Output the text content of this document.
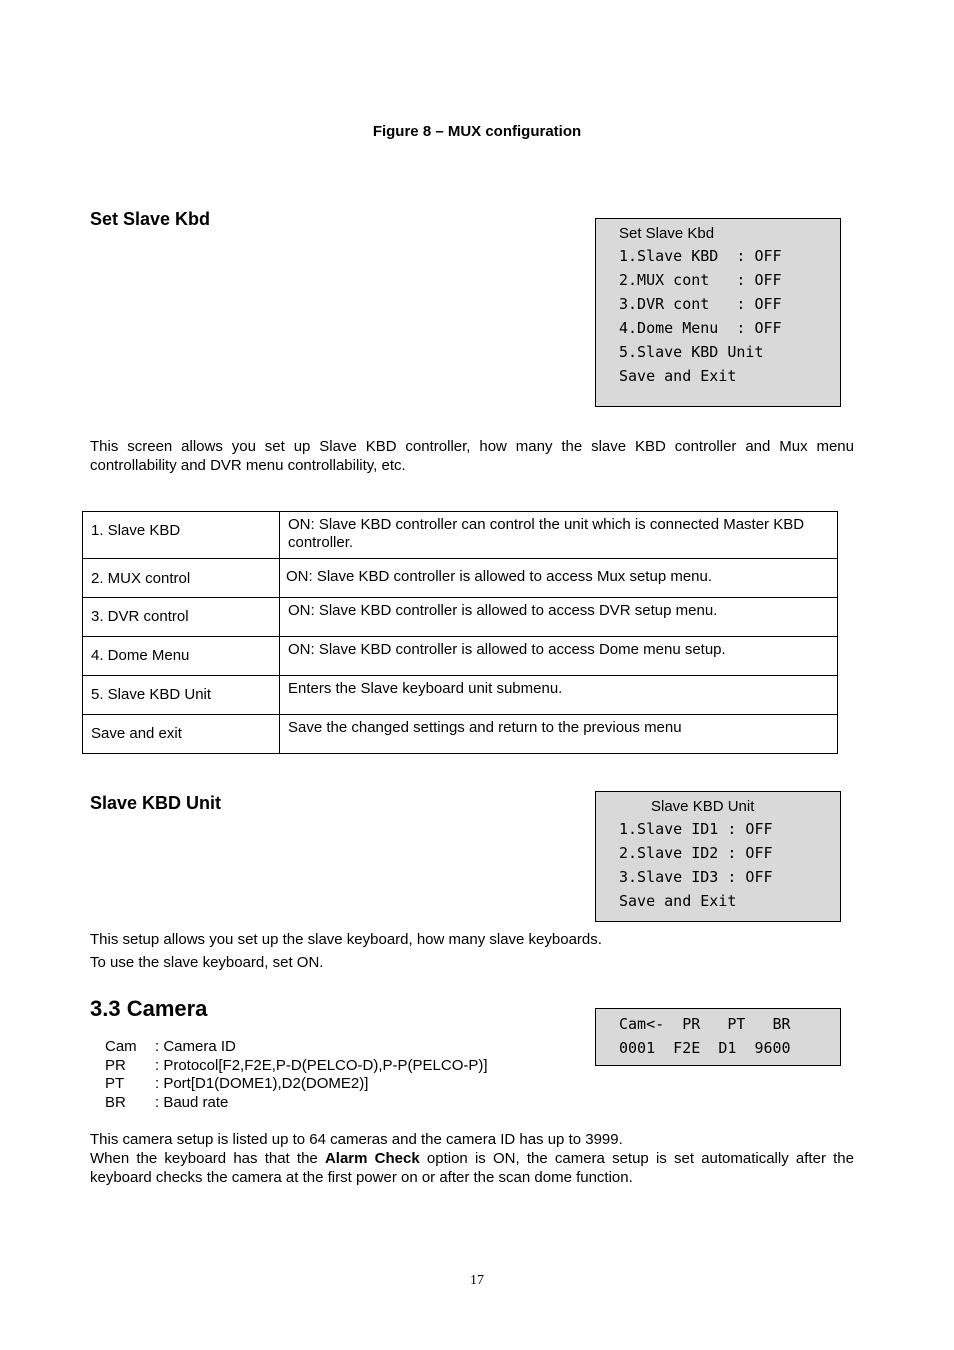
Figure 8 – MUX configuration
Set Slave Kbd
Set Slave Kbd
1.Slave KBD  : OFF
2.MUX cont   : OFF
3.DVR cont   : OFF
4.Dome Menu  : OFF
5.Slave KBD Unit
Save and Exit
This screen allows you set up Slave KBD controller, how many the slave KBD controller and Mux menu controllability and DVR menu controllability, etc.
1. Slave KBD	ON: Slave KBD controller can control the unit which is connected Master KBD controller.
2. MUX control	ON: Slave KBD controller is allowed to access Mux setup menu.
3. DVR control	ON: Slave KBD controller is allowed to access DVR setup menu.
4. Dome Menu	ON: Slave KBD controller is allowed to access Dome menu setup.
5. Slave KBD Unit	Enters the Slave keyboard unit submenu.
Save and exit	Save the changed settings and return to the previous menu
Slave KBD Unit	Slave KBD Unit
1.Slave ID1 : OFF
2.Slave ID2 : OFF
3.Slave ID3 : OFF
Save and Exit
This setup allows you set up the slave keyboard, how many slave keyboards.
To use the slave keyboard, set ON.
3.3 Camera
Cam<-  PR   PT   BR
0001  F2E  D1  9600
Cam	: Camera ID
PR	: Protocol[F2,F2E,P-D(PELCO-D),P-P(PELCO-P)]
PT	: Port[D1(DOME1),D2(DOME2)]
BR	: Baud rate
This camera setup is listed up to 64 cameras and the camera ID has up to 3999.
When the keyboard has that the Alarm Check option is ON, the camera setup is set automatically after the keyboard checks the camera at the first power on or after the scan dome function.
17
